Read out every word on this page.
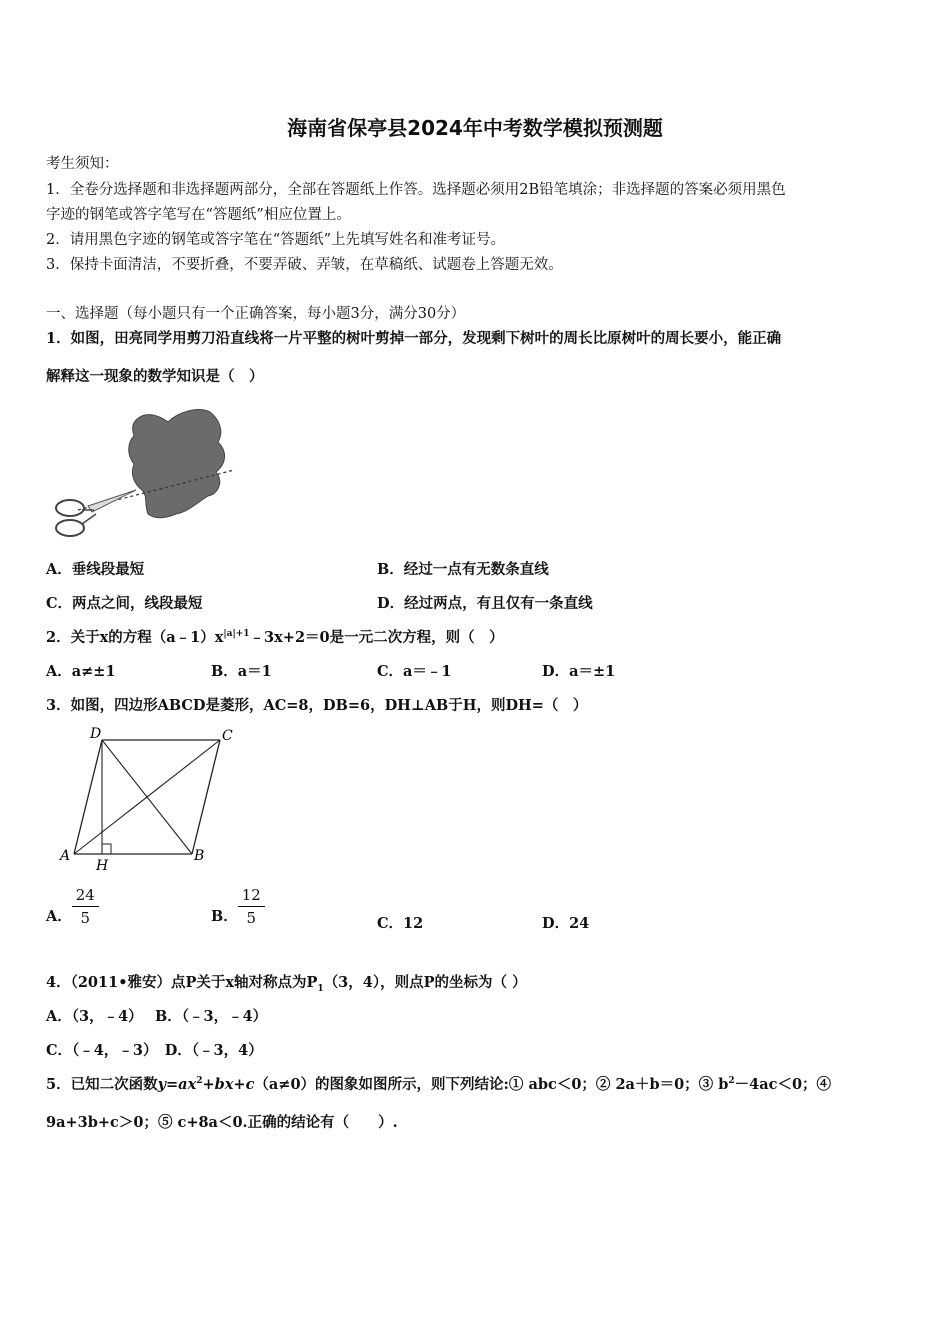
海南省保亭县2024年中考数学模拟预测题
考生须知：
1．全卷分选择题和非选择题两部分，全部在答题纸上作答。选择题必须用2B铅笔填涂；非选择题的答案必须用黑色
字迹的钢笔或答字笔写在“答题纸”相应位置上。
2．请用黑色字迹的钢笔或答字笔在“答题纸”上先填写姓名和准考证号。
3．保持卡面清洁，不要折叠，不要弄破、弄皱，在草稿纸、试题卷上答题无效。
一、选择题（每小题只有一个正确答案，每小题3分，满分30分）
1．如图，田亮同学用剪刀沿直线将一片平整的树叶剪掉一部分，发现剩下树叶的周长比原树叶的周长要小，能正确
解释这一现象的数学知识是（　）
A．垂线段最短	B．经过一点有无数条直线
C．两点之间，线段最短	D．经过两点，有且仅有一条直线
2．关于x的方程$(a﹣1)x^{|a|+1}﹣3x+2=0$是一元二次方程，则（　）
A．a≠±1	B．a＝1	C．a＝﹣1	D．a＝±1
3．如图，四边形ABCD是菱形，AC=8，DB=6，DH⊥AB于H，则DH=（　）
D	C
A
H
B
A． $\frac{24}{5}$	B． $\frac{12}{5}$	C．12	D．24
4．（2011•雅安）点P关于x轴对称点为$P_1(3$，4），则点P的坐标为（ ）
A．（3，﹣4）　 B．（﹣3，﹣4）
C．（﹣4，﹣3）　D．（﹣3，4）
5．已知二次函数$y=ax^2+bx+c(a\ne 0)$的图象如图所示，则下列结论:① abc＜0；② 2a＋b＝0；③ $b^2-4ac<0$；④
9a+3b+c＞0；⑤ c+8a＜0.正确的结论有（　　）.
